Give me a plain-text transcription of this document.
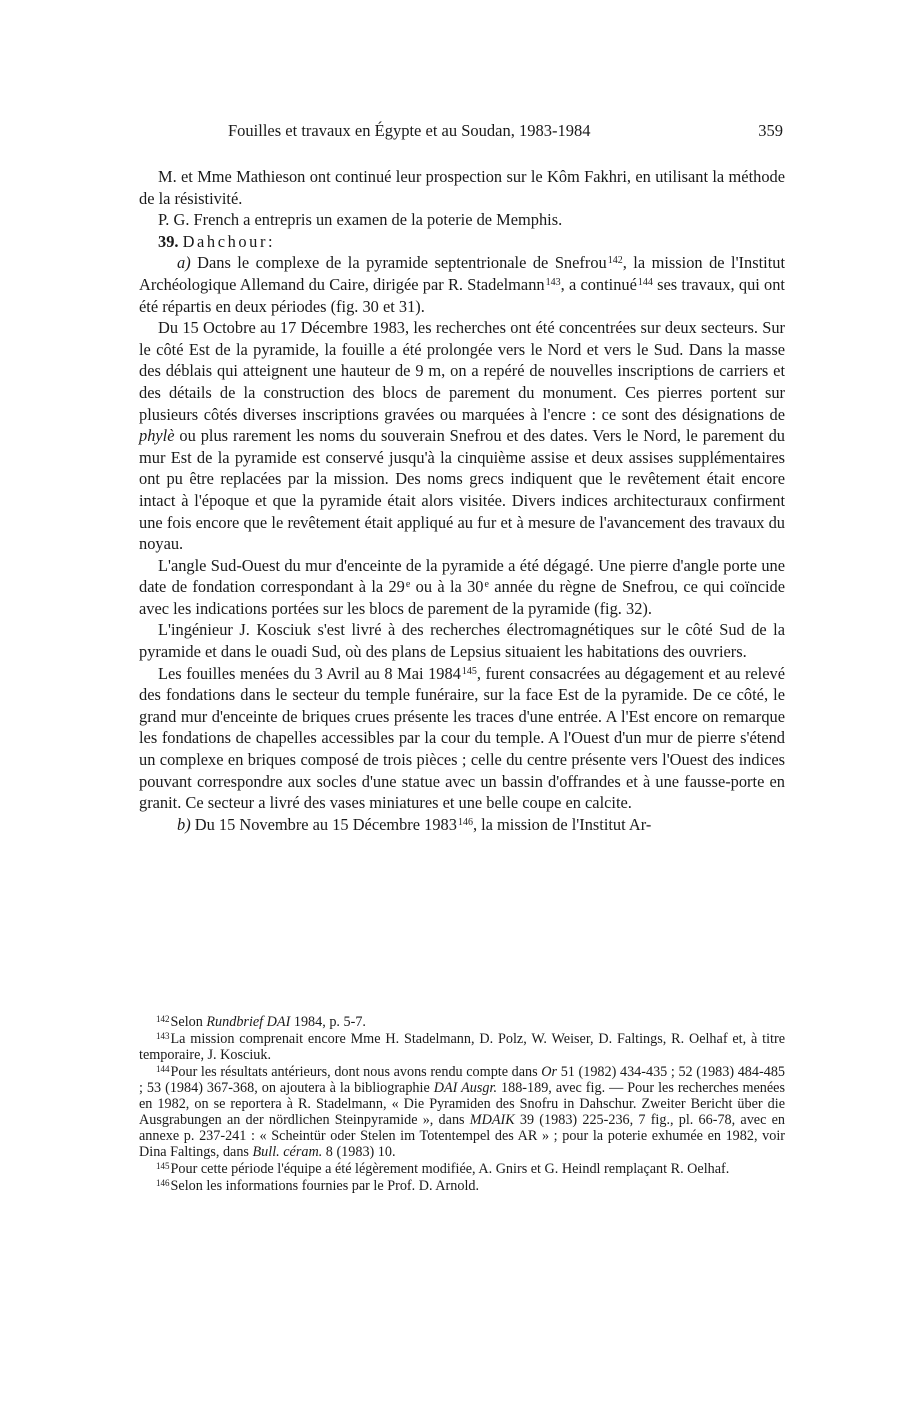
Fouilles et travaux en Égypte et au Soudan, 1983-1984	359

M. et Mme Mathieson ont continué leur prospection sur le Kôm Fakhri, en utilisant la méthode de la résistivité.

P. G. French a entrepris un examen de la poterie de Memphis.

39. Dahchour:

a) Dans le complexe de la pyramide septentrionale de Snefrou$^{142}$, la mission de l'Institut Archéologique Allemand du Caire, dirigée par R. Stadelmann$^{143}$, a continué$^{144}$ ses travaux, qui ont été répartis en deux périodes (fig. 30 et 31).

Du 15 Octobre au 17 Décembre 1983, les recherches ont été concentrées sur deux secteurs. Sur le côté Est de la pyramide, la fouille a été prolongée vers le Nord et vers le Sud. Dans la masse des déblais qui atteignent une hauteur de 9 m, on a repéré de nouvelles inscriptions de carriers et des détails de la construction des blocs de parement du monument. Ces pierres portent sur plusieurs côtés diverses inscriptions gravées ou marquées à l'encre : ce sont des désignations de phylè ou plus rarement les noms du souverain Snefrou et des dates. Vers le Nord, le parement du mur Est de la pyramide est conservé jusqu'à la cinquième assise et deux assises supplémentaires ont pu être replacées par la mission. Des noms grecs indiquent que le revêtement était encore intact à l'époque et que la pyramide était alors visitée. Divers indices architecturaux confirment une fois encore que le revêtement était appliqué au fur et à mesure de l'avancement des travaux du noyau.

L'angle Sud-Ouest du mur d'enceinte de la pyramide a été dégagé. Une pierre d'angle porte une date de fondation correspondant à la 29e ou à la 30e année du règne de Snefrou, ce qui coïncide avec les indications portées sur les blocs de parement de la pyramide (fig. 32).

L'ingénieur J. Kosciuk s'est livré à des recherches électromagnétiques sur le côté Sud de la pyramide et dans le ouadi Sud, où des plans de Lepsius situaient les habitations des ouvriers.

Les fouilles menées du 3 Avril au 8 Mai 1984$^{145}$, furent consacrées au dégagement et au relevé des fondations dans le secteur du temple funéraire, sur la face Est de la pyramide. De ce côté, le grand mur d'enceinte de briques crues présente les traces d'une entrée. A l'Est encore on remarque les fondations de chapelles accessibles par la cour du temple. A l'Ouest d'un mur de pierre s'étend un complexe en briques composé de trois pièces ; celle du centre présente vers l'Ouest des indices pouvant correspondre aux socles d'une statue avec un bassin d'offrandes et à une fausse-porte en granit. Ce secteur a livré des vases miniatures et une belle coupe en calcite.

b) Du 15 Novembre au 15 Décembre 1983$^{146}$, la mission de l'Institut Ar-

$^{142}$Selon Rundbrief DAI 1984, p. 5-7.

$^{143}$La mission comprenait encore Mme H. Stadelmann, D. Polz, W. Weiser, D. Faltings, R. Oelhaf et, à titre temporaire, J. Kosciuk.

$^{144}$Pour les résultats antérieurs, dont nous avons rendu compte dans Or 51 (1982) 434-435 ; 52 (1983) 484-485 ; 53 (1984) 367-368, on ajoutera à la bibliographie DAI Ausgr. 188-189, avec fig. — Pour les recherches menées en 1982, on se reportera à R. Stadelmann, « Die Pyramiden des Snofru in Dahschur. Zweiter Bericht über die Ausgrabungen an der nördlichen Steinpyramide », dans MDAIK 39 (1983) 225-236, 7 fig., pl. 66-78, avec en annexe p. 237-241 : « Scheintür oder Stelen im Totentempel des AR » ; pour la poterie exhumée en 1982, voir Dina Faltings, dans Bull. céram. 8 (1983) 10.

$^{145}$Pour cette période l'équipe a été légèrement modifiée, A. Gnirs et G. Heindl remplaçant R. Oelhaf.

$^{146}$Selon les informations fournies par le Prof. D. Arnold.
